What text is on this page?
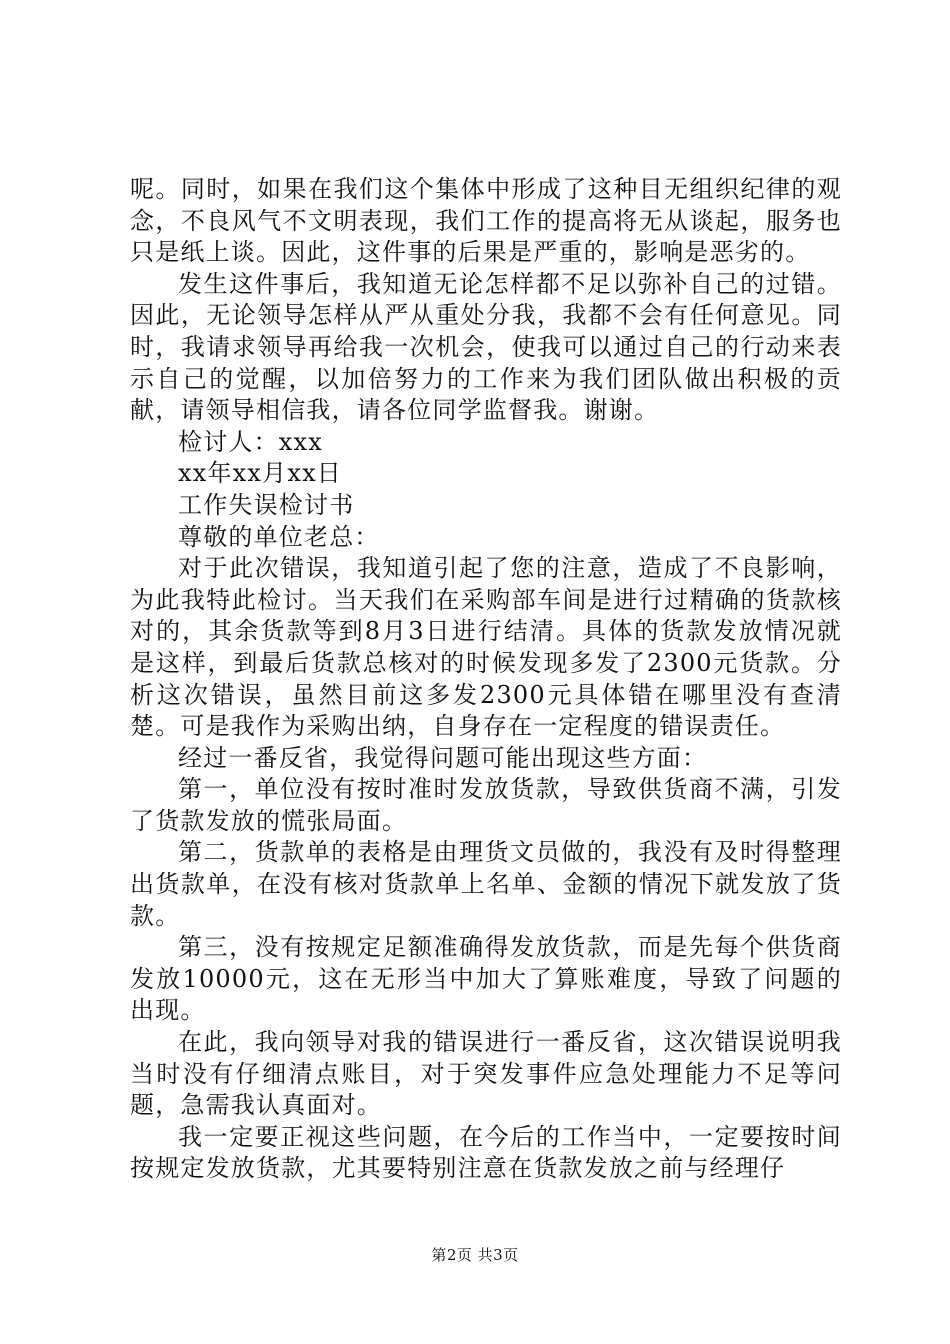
呢。同时，如果在我们这个集体中形成了这种目无组织纪律的观念，不良风气不文明表现，我们工作的提高将无从谈起，服务也只是纸上谈。因此，这件事的后果是严重的，影响是恶劣的。

发生这件事后，我知道无论怎样都不足以弥补自己的过错。因此，无论领导怎样从严从重处分我，我都不会有任何意见。同时，我请求领导再给我一次机会，使我可以通过自己的行动来表示自己的觉醒，以加倍努力的工作来为我们团队做出积极的贡献，请领导相信我，请各位同学监督我。谢谢。

检讨人：xxx

xx年xx月xx日

工作失误检讨书

尊敬的单位老总：

对于此次错误，我知道引起了您的注意，造成了不良影响，为此我特此检讨。当天我们在采购部车间是进行过精确的货款核对的，其余货款等到8月3日进行结清。具体的货款发放情况就是这样，到最后货款总核对的时候发现多发了2300元货款。分析这次错误，虽然目前这多发2300元具体错在哪里没有查清楚。可是我作为采购出纳，自身存在一定程度的错误责任。

经过一番反省，我觉得问题可能出现这些方面：

第一，单位没有按时准时发放货款，导致供货商不满，引发了货款发放的慌张局面。

第二，货款单的表格是由理货文员做的，我没有及时得整理出货款单，在没有核对货款单上名单、金额的情况下就发放了货款。

第三，没有按规定足额准确得发放货款，而是先每个供货商发放10000元，这在无形当中加大了算账难度，导致了问题的出现。

在此，我向领导对我的错误进行一番反省，这次错误说明我当时没有仔细清点账目，对于突发事件应急处理能力不足等问题，急需我认真面对。

我一定要正视这些问题，在今后的工作当中，一定要按时间按规定发放货款，尤其要特别注意在货款发放之前与经理仔

第2页 共3页
